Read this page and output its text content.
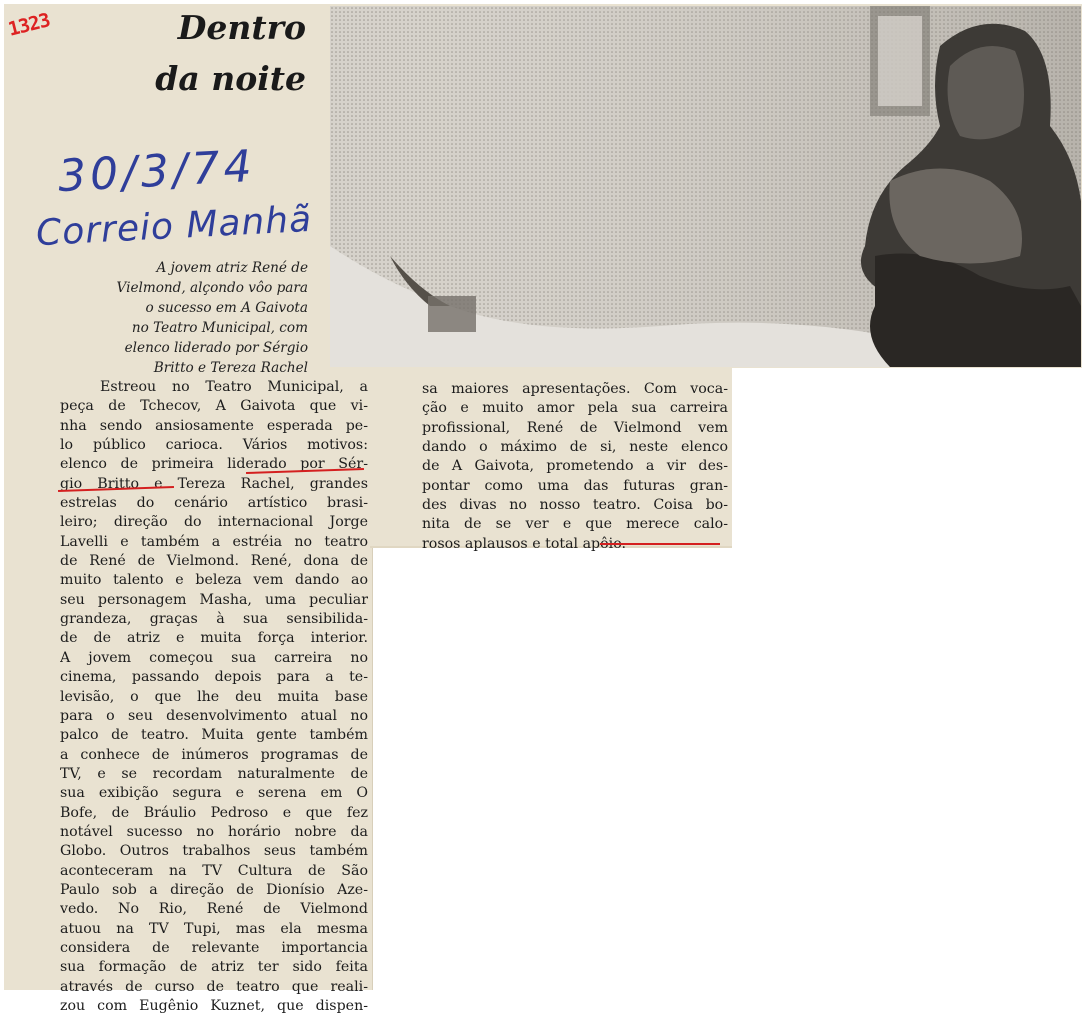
1323	Dentro
da noite
30/3/74
Correio Manhã
A jovem atriz René de
Vielmond, alçondo vôo para
o sucesso em A Gaivota
no Teatro Municipal, com
elenco liderado por Sérgio
Britto e Tereza Rachel
Estreou no Teatro Municipal, a
peça de Tchecov, A Gaivota que vi-
nha sendo ansiosamente esperada pe-
lo público carioca. Vários motivos:
elenco de primeira liderado por Sér-
gio Britto e Tereza Rachel, grandes
estrelas do cenário artístico brasi-
leiro; direção do internacional Jorge
Lavelli e também a estréia no teatro
de René de Vielmond. René, dona de
muito talento e beleza vem dando ao
seu personagem Masha, uma peculiar
grandeza, graças à sua sensibilida-
de de atriz e muita força interior.
A jovem começou sua carreira no
cinema, passando depois para a te-
levisão, o que lhe deu muita base
para o seu desenvolvimento atual no
palco de teatro. Muita gente também
a conhece de inúmeros programas de
TV, e se recordam naturalmente de
sua exibição segura e serena em O
Bofe, de Bráulio Pedroso e que fez
notável sucesso no horário nobre da
Globo. Outros trabalhos seus também
aconteceram na TV Cultura de São
Paulo sob a direção de Dionísio Aze-
vedo. No Rio, René de Vielmond
atuou na TV Tupi, mas ela mesma
considera de relevante importancia
sua formação de atriz ter sido feita
através de curso de teatro que reali-
zou com Eugênio Kuznet, que dispen-
sa maiores apresentações. Com voca-
ção e muito amor pela sua carreira
profissional, René de Vielmond vem
dando o máximo de si, neste elenco
de A Gaivota, prometendo a vir des-
pontar como uma das futuras gran-
des divas no nosso teatro. Coisa bo-
nita de se ver e que merece calo-
rosos aplausos e total apôio.
